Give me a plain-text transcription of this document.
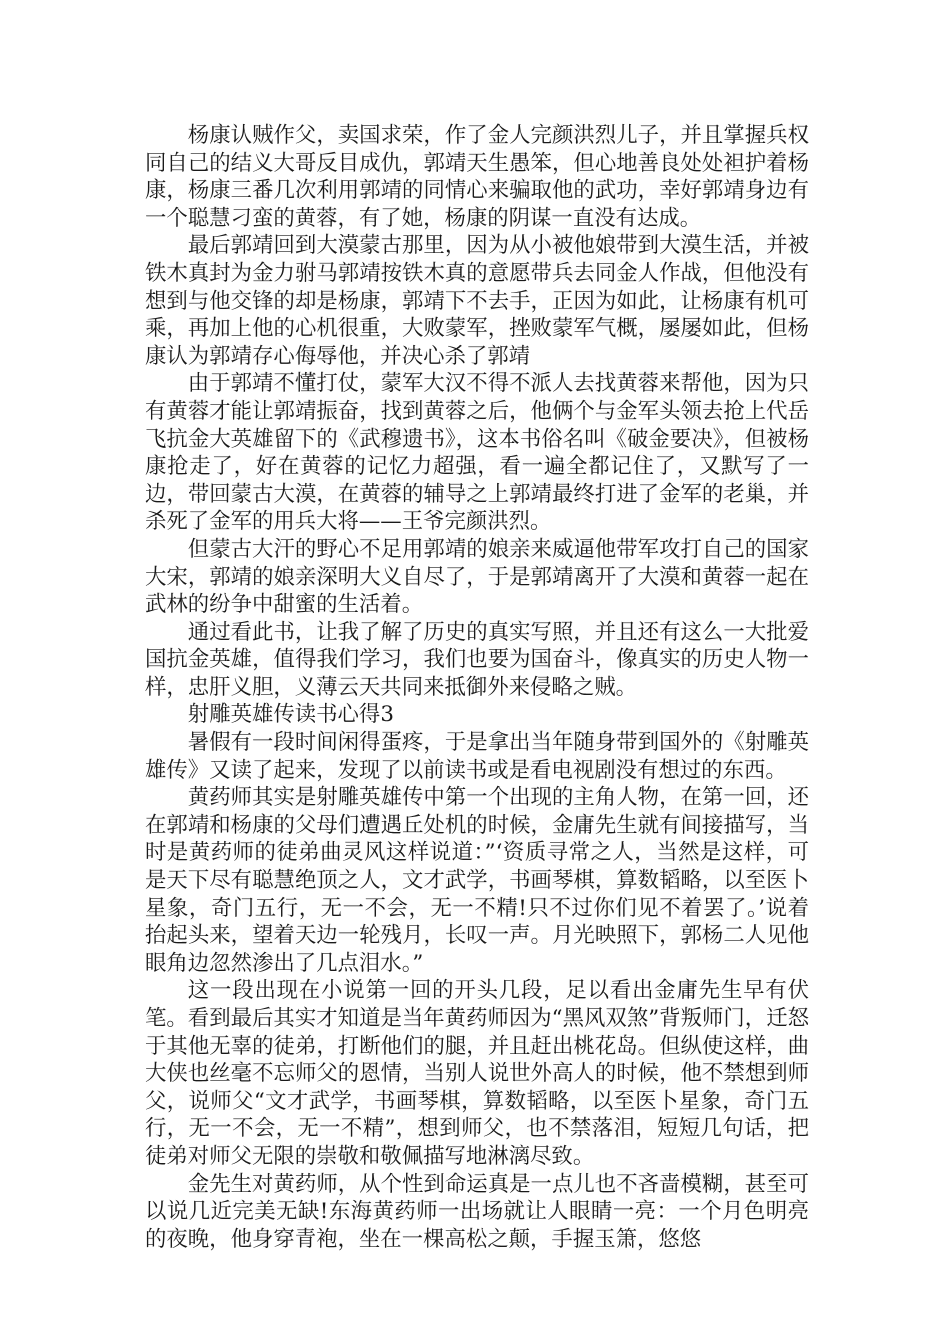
杨康认贼作父，卖国求荣，作了金人完颜洪烈儿子，并且掌握兵权同自己的结义大哥反目成仇，郭靖天生愚笨，但心地善良处处袒护着杨康，杨康三番几次利用郭靖的同情心来骗取他的武功，幸好郭靖身边有一个聪慧刁蛮的黄蓉，有了她，杨康的阴谋一直没有达成。

最后郭靖回到大漠蒙古那里，因为从小被他娘带到大漠生活，并被铁木真封为金力驸马郭靖按铁木真的意愿带兵去同金人作战，但他没有想到与他交锋的却是杨康，郭靖下不去手，正因为如此，让杨康有机可乘，再加上他的心机很重，大败蒙军，挫败蒙军气概，屡屡如此，但杨康认为郭靖存心侮辱他，并决心杀了郭靖

由于郭靖不懂打仗，蒙军大汉不得不派人去找黄蓉来帮他，因为只有黄蓉才能让郭靖振奋，找到黄蓉之后，他俩个与金军头领去抢上代岳飞抗金大英雄留下的《武穆遗书》，这本书俗名叫《破金要决》，但被杨康抢走了，好在黄蓉的记忆力超强，看一遍全都记住了，又默写了一边，带回蒙古大漠，在黄蓉的辅导之上郭靖最终打进了金军的老巢，并杀死了金军的用兵大将——王爷完颜洪烈。

但蒙古大汗的野心不足用郭靖的娘亲来威逼他带军攻打自己的国家大宋，郭靖的娘亲深明大义自尽了，于是郭靖离开了大漠和黄蓉一起在武林的纷争中甜蜜的生活着。

通过看此书，让我了解了历史的真实写照，并且还有这么一大批爱国抗金英雄，值得我们学习，我们也要为国奋斗，像真实的历史人物一样，忠肝义胆，义薄云天共同来抵御外来侵略之贼。

射雕英雄传读书心得3

暑假有一段时间闲得蛋疼，于是拿出当年随身带到国外的《射雕英雄传》又读了起来，发现了以前读书或是看电视剧没有想过的东西。

黄药师其实是射雕英雄传中第一个出现的主角人物，在第一回，还在郭靖和杨康的父母们遭遇丘处机的时候，金庸先生就有间接描写，当时是黄药师的徒弟曲灵风这样说道：”‘资质寻常之人，当然是这样，可是天下尽有聪慧绝顶之人，文才武学，书画琴棋，算数韬略，以至医卜星象，奇门五行，无一不会，无一不精!只不过你们见不着罢了。’说着抬起头来，望着天边一轮残月，长叹一声。月光映照下，郭杨二人见他眼角边忽然渗出了几点泪水。”

这一段出现在小说第一回的开头几段，足以看出金庸先生早有伏笔。看到最后其实才知道是当年黄药师因为“黑风双煞”背叛师门，迁怒于其他无辜的徒弟，打断他们的腿，并且赶出桃花岛。但纵使这样，曲大侠也丝毫不忘师父的恩情，当别人说世外高人的时候，他不禁想到师父，说师父“文才武学，书画琴棋，算数韬略，以至医卜星象，奇门五行，无一不会，无一不精”，想到师父，也不禁落泪，短短几句话，把徒弟对师父无限的崇敬和敬佩描写地淋漓尽致。

金先生对黄药师，从个性到命运真是一点儿也不吝啬模糊，甚至可以说几近完美无缺!东海黄药师一出场就让人眼睛一亮：一个月色明亮的夜晚，他身穿青袍，坐在一棵高松之颠，手握玉箫，悠悠
